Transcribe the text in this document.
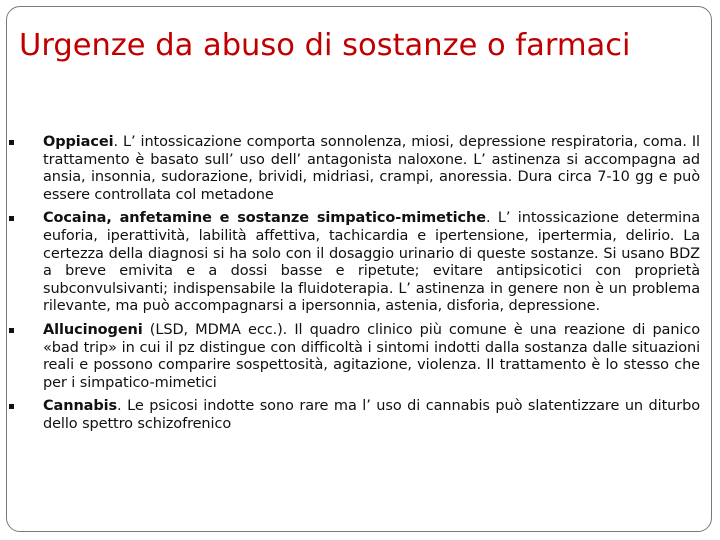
Urgenze da abuso di sostanze o farmaci
Oppiacei. L’ intossicazione comporta sonnolenza, miosi, depressione respiratoria, coma. Il trattamento è basato sull’ uso dell’ antagonista naloxone. L’ astinenza si accompagna ad ansia, insonnia, sudorazione, brividi, midriasi, crampi, anoressia. Dura circa 7-10 gg e può essere controllata col metadone
Cocaina, anfetamine e sostanze simpatico-mimetiche. L’ intossicazione determina euforia, iperattività, labilità affettiva, tachicardia e ipertensione, ipertermia, delirio. La certezza della diagnosi si ha solo con il dosaggio urinario di queste sostanze. Si usano BDZ a breve emivita e a dossi basse e ripetute; evitare antipsicotici con proprietà subconvulsivanti; indispensabile la fluidoterapia. L’ astinenza in genere non è un problema rilevante, ma può accompagnarsi a ipersonnia, astenia, disforia, depressione.
Allucinogeni (LSD, MDMA ecc.). Il quadro clinico più comune è una reazione di panico «bad trip» in cui il pz distingue con difficoltà i sintomi indotti dalla sostanza dalle situazioni reali e possono comparire sospettosità, agitazione, violenza. Il trattamento è lo stesso che per i simpatico-mimetici
Cannabis. Le psicosi indotte sono rare ma l’ uso di cannabis può slatentizzare un diturbo dello spettro schizofrenico
